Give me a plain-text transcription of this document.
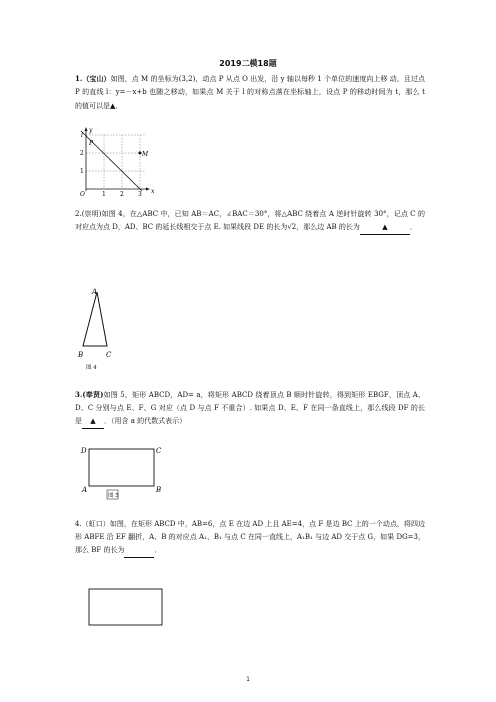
2019二模18题
1.（宝山）如图，点 M 的坐标为(3,2)，动点 P 从点 O 出发，沿 y 轴以每秒 1 个单位的速度向上移 动，且过点 P 的直线 l：y=－x+b 也随之移动，如果点 M 关于 l 的对称点落在坐标轴上，设点 P 的移动时间为 t，那么 t 的值可以是▲．
y
x
O
l
P
M
1 2 3
1
2
2.(崇明)如图 4，在△ABC 中，已知 AB＝AC，∠BAC＝30°，将△ABC 绕着点 A 逆时针旋转 30°，记点 C 的对应点为点 D，AD、BC 的延长线相交于点 E. 如果线段 DE 的长为√2，那么边 AB 的长为	▲	．
A
B	C
图 4
3.(奉贤)如图 5，矩形 ABCD，AD= a，将矩形 ABCD 绕着顶点 B 顺时针旋转，得到矩形 EBGF，顶点 A、D、C 分别与点 E、F、G 对应（点 D 与点 F 不重合）. 如果点 D、E、F 在同一条直线上，那么线段 DF 的长是 ▲ ．（用含 a 的代数式表示）
D	C
A	B
图 5
4.（虹口）如图，在矩形 ABCD 中，AB=6，点 E 在边 AD 上且 AE=4，点 F 是边 BC 上的一个动点，将四边形 ABFE 沿 EF 翻折，A、B 的对应点 A₁、B₁ 与点 C 在同一直线上，A₁B₁ 与边 AD 交于点 G，如果 DG=3，那么 BF 的长为	．
1
